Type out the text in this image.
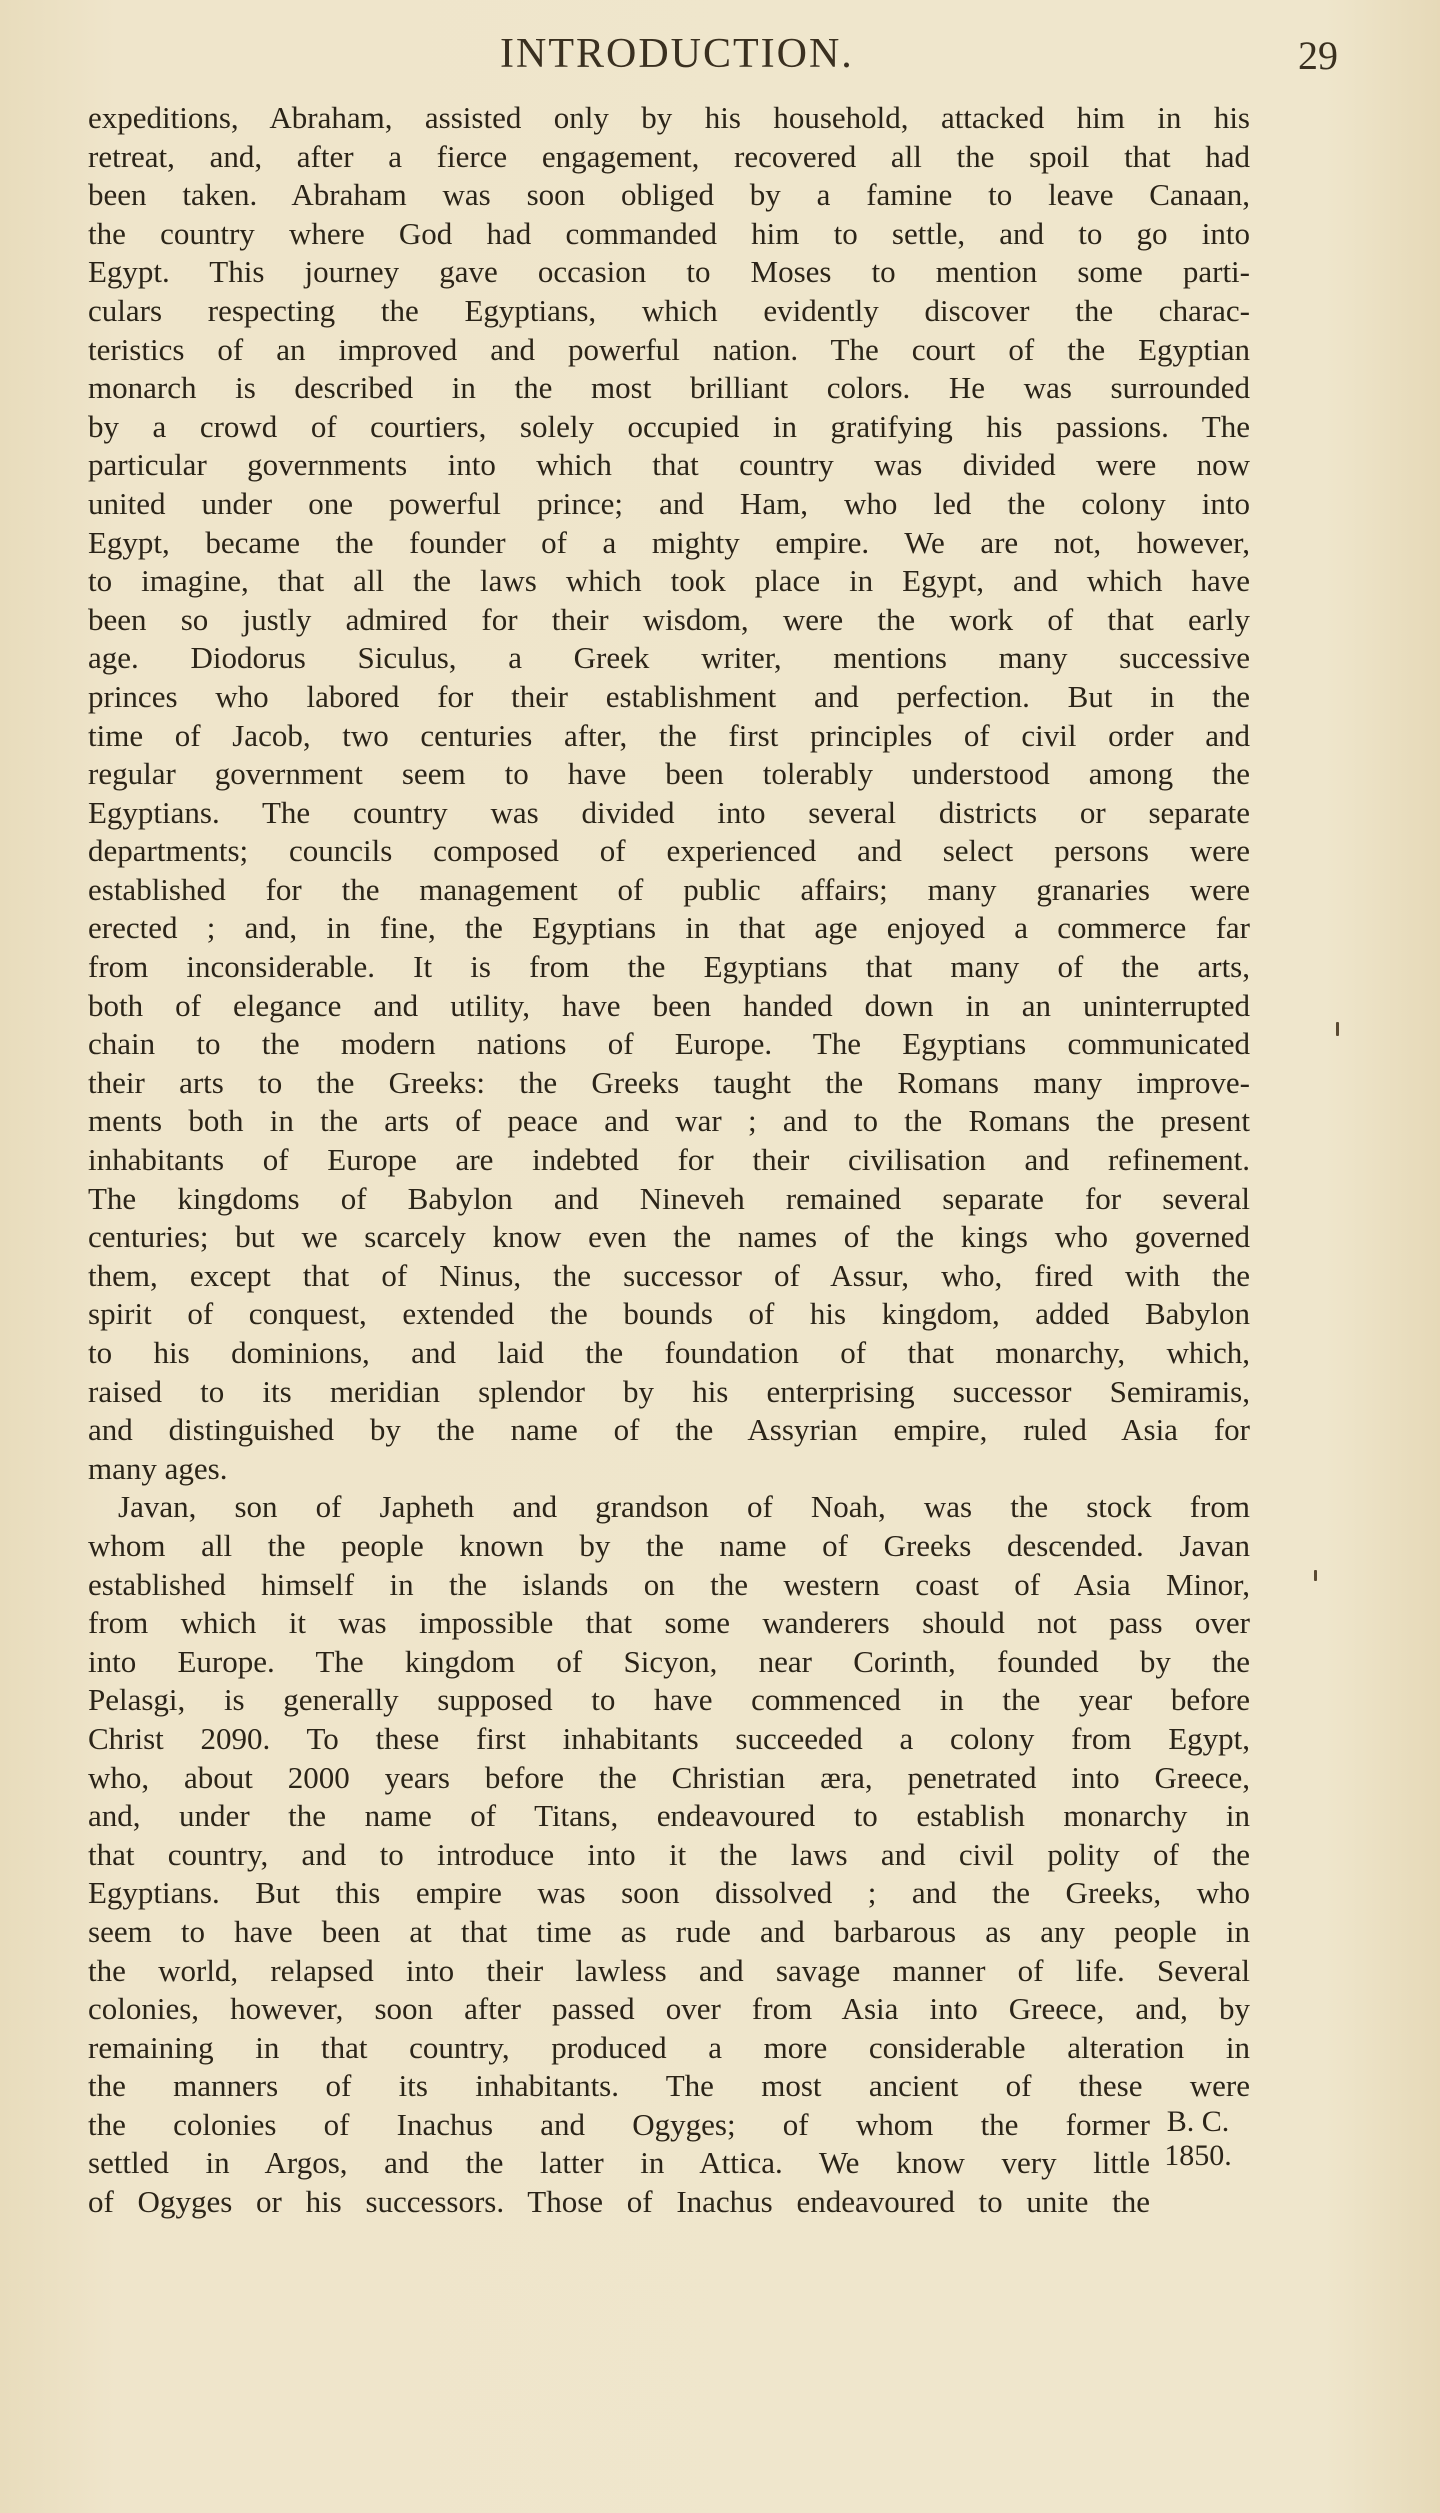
INTRODUCTION.	29
expeditions, Abraham, assisted only by his household, attacked him in his
retreat, and, after a fierce engagement, recovered all the spoil that had
been taken. Abraham was soon obliged by a famine to leave Canaan,
the country where God had commanded him to settle, and to go into
Egypt. This journey gave occasion to Moses to mention some parti-
culars respecting the Egyptians, which evidently discover the charac-
teristics of an improved and powerful nation. The court of the Egyptian
monarch is described in the most brilliant colors. He was surrounded
by a crowd of courtiers, solely occupied in gratifying his passions. The
particular governments into which that country was divided were now
united under one powerful prince; and Ham, who led the colony into
Egypt, became the founder of a mighty empire. We are not, however,
to imagine, that all the laws which took place in Egypt, and which have
been so justly admired for their wisdom, were the work of that early
age. Diodorus Siculus, a Greek writer, mentions many successive
princes who labored for their establishment and perfection. But in the
time of Jacob, two centuries after, the first principles of civil order and
regular government seem to have been tolerably understood among the
Egyptians. The country was divided into several districts or separate
departments; councils composed of experienced and select persons were
established for the management of public affairs; many granaries were
erected ; and, in fine, the Egyptians in that age enjoyed a commerce far
from inconsiderable. It is from the Egyptians that many of the arts,
both of elegance and utility, have been handed down in an uninterrupted
chain to the modern nations of Europe. The Egyptians communicated
their arts to the Greeks: the Greeks taught the Romans many improve-
ments both in the arts of peace and war ; and to the Romans the present
inhabitants of Europe are indebted for their civilisation and refinement.
The kingdoms of Babylon and Nineveh remained separate for several
centuries; but we scarcely know even the names of the kings who governed
them, except that of Ninus, the successor of Assur, who, fired with the
spirit of conquest, extended the bounds of his kingdom, added Babylon
to his dominions, and laid the foundation of that monarchy, which,
raised to its meridian splendor by his enterprising successor Semiramis,
and distinguished by the name of the Assyrian empire, ruled Asia for
many ages.
Javan, son of Japheth and grandson of Noah, was the stock from
whom all the people known by the name of Greeks descended. Javan
established himself in the islands on the western coast of Asia Minor,
from which it was impossible that some wanderers should not pass over
into Europe. The kingdom of Sicyon, near Corinth, founded by the
Pelasgi, is generally supposed to have commenced in the year before
Christ 2090. To these first inhabitants succeeded a colony from Egypt,
who, about 2000 years before the Christian æra, penetrated into Greece,
and, under the name of Titans, endeavoured to establish monarchy in
that country, and to introduce into it the laws and civil polity of the
Egyptians. But this empire was soon dissolved ; and the Greeks, who
seem to have been at that time as rude and barbarous as any people in
the world, relapsed into their lawless and savage manner of life. Several
colonies, however, soon after passed over from Asia into Greece, and, by
remaining in that country, produced a more considerable alteration in
the manners of its inhabitants. The most ancient of these were
the colonies of Inachus and Ogyges; of whom the former
settled in Argos, and the latter in Attica. We know very little
of Ogyges or his successors. Those of Inachus endeavoured to unite the
B. C.
1850.
